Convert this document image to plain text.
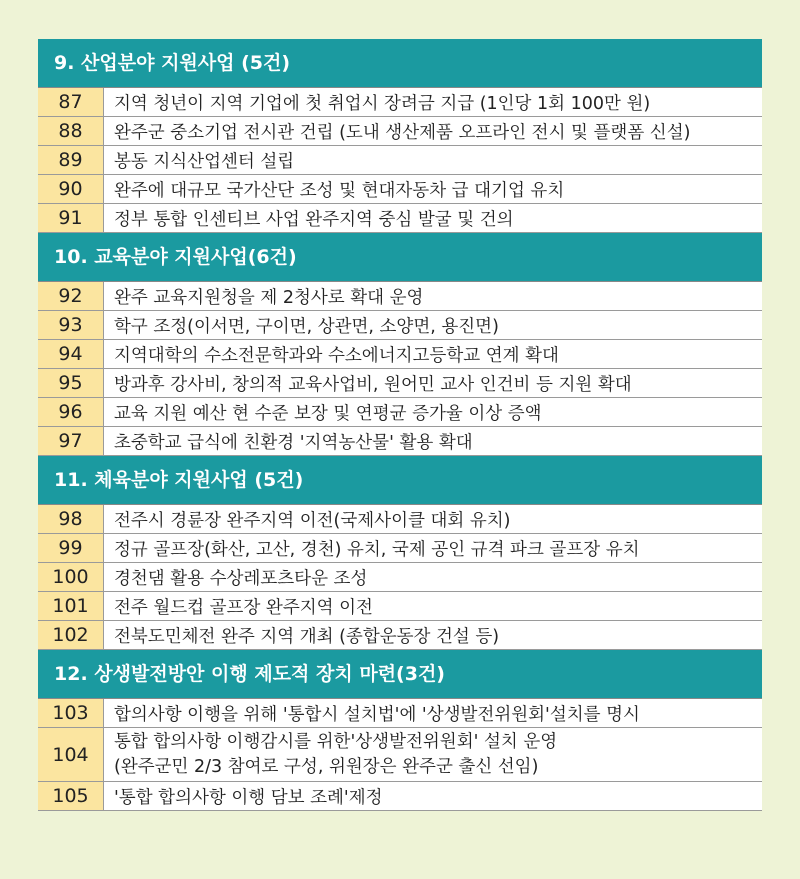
9. 산업분야 지원사업 (5건)
87	지역 청년이 지역 기업에 첫 취업시 장려금 지급 (1인당 1회 100만 원)
88	완주군 중소기업 전시관 건립 (도내 생산제품 오프라인 전시 및 플랫폼 신설)
89	봉동 지식산업센터 설립
90	완주에 대규모 국가산단 조성 및 현대자동차 급 대기업 유치
91	정부 통합 인센티브 사업 완주지역 중심 발굴 및 건의
10. 교육분야 지원사업(6건)
92	완주 교육지원청을 제 2청사로 확대 운영
93	학구 조정(이서면, 구이면, 상관면, 소양면, 용진면)
94	지역대학의 수소전문학과와 수소에너지고등학교 연계 확대
95	방과후 강사비, 창의적 교육사업비, 원어민 교사 인건비 등 지원 확대
96	교육 지원 예산 현 수준 보장 및 연평균 증가율 이상 증액
97	초중학교 급식에 친환경 '지역농산물' 활용 확대
11. 체육분야 지원사업 (5건)
98	전주시 경륜장 완주지역 이전(국제사이클 대회 유치)
99	정규 골프장(화산, 고산, 경천) 유치, 국제 공인 규격 파크 골프장 유치
100	경천댐 활용 수상레포츠타운 조성
101	전주 월드컵 골프장 완주지역 이전
102	전북도민체전 완주 지역 개최 (종합운동장 건설 등)
12. 상생발전방안 이행 제도적 장치 마련(3건)
103	합의사항 이행을 위해 '통합시 설치법'에 '상생발전위원회'설치를 명시
104
통합 합의사항 이행감시를 위한'상생발전위원회' 설치 운영
(완주군민 2/3 참여로 구성, 위원장은 완주군 출신 선임)
105	'통합 합의사항 이행 담보 조례'제정
